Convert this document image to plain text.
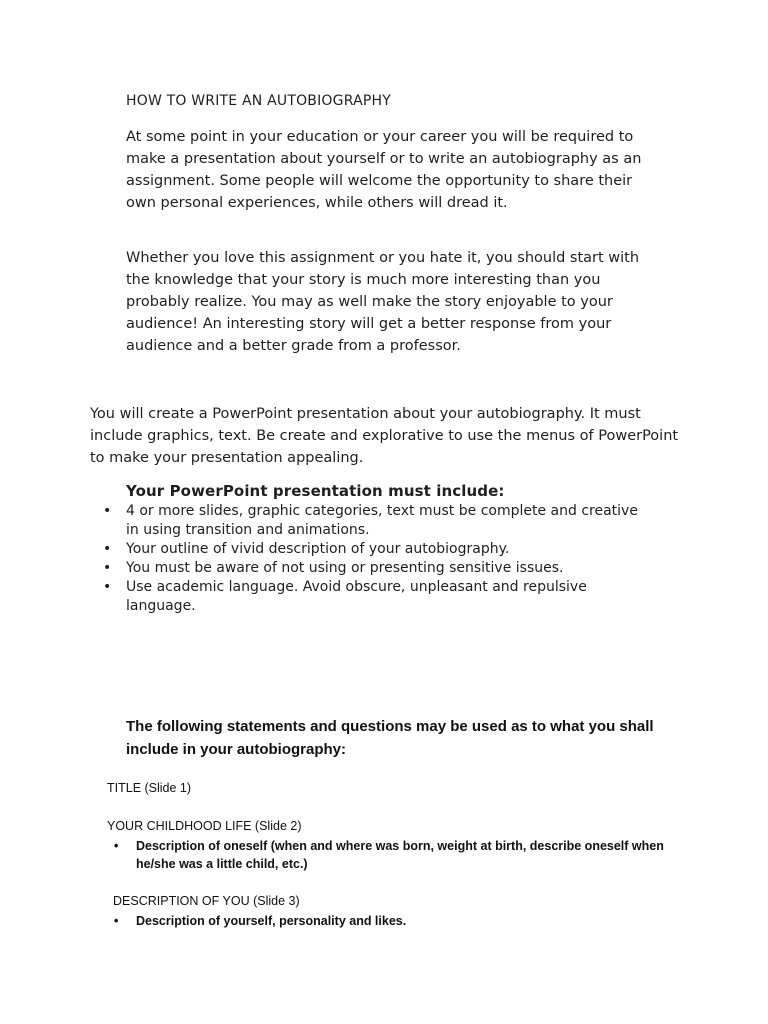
HOW TO WRITE AN AUTOBIOGRAPHY

At some point in your education or your career you will be required to make a presentation about yourself or to write an autobiography as an assignment. Some people will welcome the opportunity to share their own personal experiences, while others will dread it.

Whether you love this assignment or you hate it, you should start with the knowledge that your story is much more interesting than you probably realize. You may as well make the story enjoyable to your audience! An interesting story will get a better response from your audience and a better grade from a professor.

You will create a PowerPoint presentation about your autobiography. It must include graphics, text. Be create and explorative to use the menus of PowerPoint to make your presentation appealing.

Your PowerPoint presentation must include:
• 4 or more slides, graphic categories, text must be complete and creative in using transition and animations.
• Your outline of vivid description of your autobiography.
• You must be aware of not using or presenting sensitive issues.
• Use academic language. Avoid obscure, unpleasant and repulsive language.

The following statements and questions may be used as to what you shall include in your autobiography:

TITLE (Slide 1)

YOUR CHILDHOOD LIFE (Slide 2)

• Description of oneself (when and where was born, weight at birth, describe oneself when he/she was a little child, etc.)

DESCRIPTION OF YOU (Slide 3)

• Description of yourself, personality and likes.
